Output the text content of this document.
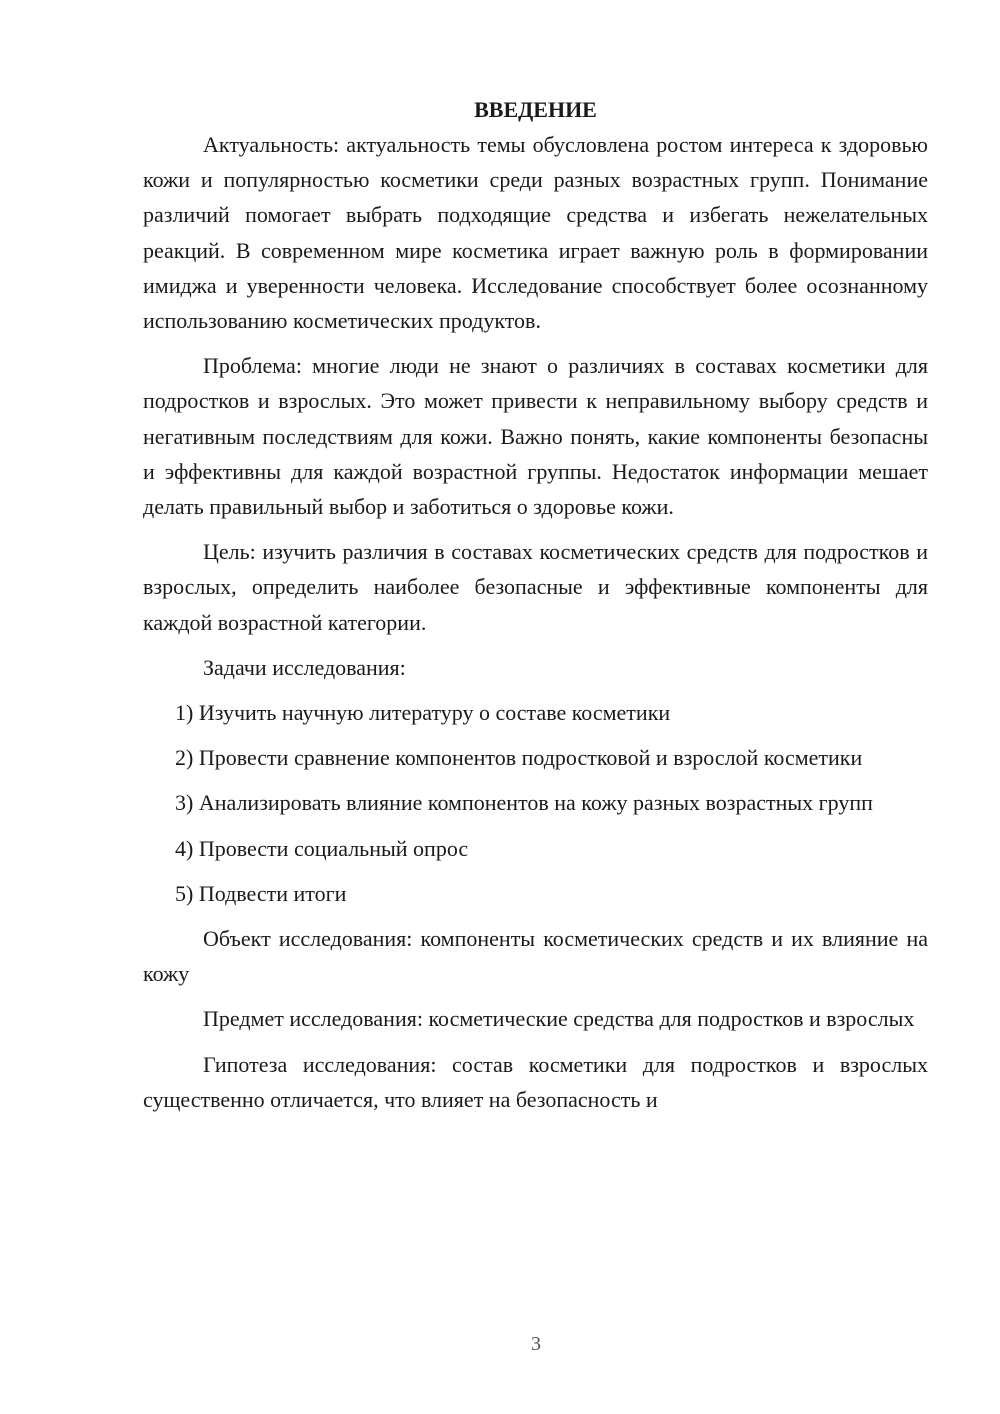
ВВЕДЕНИЕ

Актуальность: актуальность темы обусловлена ростом интереса к здоровью кожи и популярностью косметики среди разных возрастных групп. Понимание различий помогает выбрать подходящие средства и избегать нежелательных реакций. В современном мире косметика играет важную роль в формировании имиджа и уверенности человека. Исследование способствует более осознанному использованию косметических продуктов.

Проблема: многие люди не знают о различиях в составах косметики для подростков и взрослых. Это может привести к неправильному выбору средств и негативным последствиям для кожи. Важно понять, какие компоненты безопасны и эффективны для каждой возрастной группы. Недостаток информации мешает делать правильный выбор и заботиться о здоровье кожи.

Цель: изучить различия в составах косметических средств для подростков и взрослых, определить наиболее безопасные и эффективные компоненты для каждой возрастной категории.

Задачи исследования:

1) Изучить научную литературу о составе косметики

2) Провести сравнение компонентов подростковой и взрослой косметики

3) Анализировать влияние компонентов на кожу разных возрастных групп

4) Провести социальный опрос

5) Подвести итоги

Объект исследования: компоненты косметических средств и их влияние на кожу

Предмет исследования: косметические средства для подростков и взрослых

Гипотеза исследования: состав косметики для подростков и взрослых существенно отличается, что влияет на безопасность и

3
